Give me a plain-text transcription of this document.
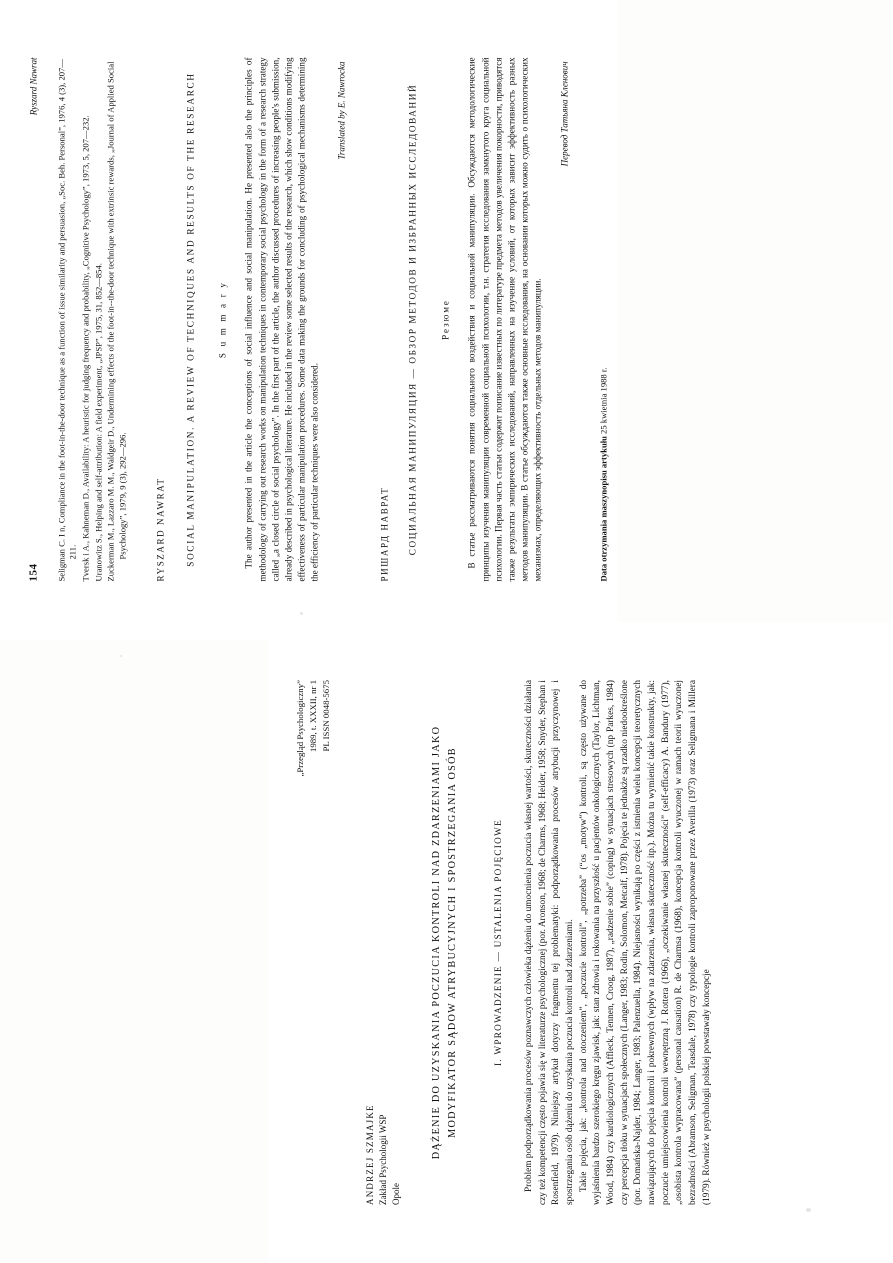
154
Ryszard Nawrat Seligman C. I n, Compliance in the foot-in-the-door technique as a function of issue similarity and persuasion, „Soc. Beh. Personal”, 1976, 4 (3), 207—211. Tversk i A., Kahneman D., Availability: A heuristic for judging frequency and probability, „Cognitive Psychology”, 1973, 5, 207—232. Uranowitz S., Helping and self-attribution: A field experiment, „JPSP”, 1975, 31, 852—854. Zuckerman M., Lazzaro M. M., Waldgeir D., Undermining effects of the foot-in--the-door technique with extrinsic rewards, „Journal of Applied Social Psychology”, 1979, 9 (3), 292—296.	RYSZARD NAWRAT SOCIAL MANIPULATION. A REVIEW OF TECHNIQUES AND RESULTS OF THE RESEARCH	S u m m a r y The author presented in the article the conceptions of social influence and social manipulation. He presented also the principles of methodology of carrying out research works on manipulation techniques in contemporary social psychology in the form of a research strategy called „a closed circle of social psychology”. In the first part of the article, the author discussed procedures of increasing people's submission, already described in psychological literature. He included in the review some selected results of the research, which show conditions modifying effectiveness of particular manipulation procedures. Some data making the grounds for concluding of psychological mechanisms determining the efficiency of particular techniques were also considered.
Translated by E. Nawrocka
РИШАРД НАВРАТ СОЦИАЛЬНАЯ МАНИПУЛЯЦИЯ — ОБЗОР МЕТОДОВ И ИЗБРАННЫХ ИССЛЕДОВАНИЙ	Резюме В статье рассматриваются понятия социального воздействия и социальной манипуляции. Обсуждаются методологические принципы изучения манипуляции современной социальной психологии, т.н. стратегия исследования замкнутого круга социальной психологии. Первая часть статьи содержит пописание известных по литературе предмета методов увеличения покорности, приводятся также результаты эмпирических исследований, направленных на изучение условий, от которых зависит эффективность разных методов манипуляции. В статье обсуждаются также основные исследования, на основании которых можно судить о психологических механизмах, определяющих эффективность отдельных методов манипуляции.
Перевод Татьяна Кленович
Data otrzymania maszynopisu artykułu 25 kwietnia 1988 r.
„Przegląd Psychologiczny” 1989, t. XXXII, nr 1 PL ISSN 0048-5675
ANDRZEJ SZMAJKE Zakład Psychologii WSP Opole
DĄŻENIE DO UZYSKANIA POCZUCIA KONTROLI NAD ZDARZENIAMI JAKO MODYFIKATOR SĄDOW ATRYBUCYJNYCH I SPOSTRZEGANIA OSÓB	I. WPROWADZENIE — USTALENIA POJĘCIOWE Problem podporządkowania procesów poznawczych człowieka dążeniu do umocnienia poczucia własnej wartości, skuteczności działania czy też kompetencji często pojawia się w literaturze psychologicznej (por. Aronson, 1968; de Charms, 1968; Heider, 1958; Snyder, Stephan i Rosenfield, 1979). Niniejszy artykuł dotyczy fragmentu tej problematyki: podporządkowania procesów atrybucji przyczynowej i spostrzegania osób dążeniu do uzyskania poczucia kontroli nad zdarzeniami. Takie pojęcia, jak: „kontrola nad otoczeniem”, „poczucie kontroli”, „potrzeba” (“os „motyw”) kontroli, są często używane do wyjaśnienia bardzo szerokiego kręgu zjawisk, jak: stan zdrowia i rokowania na przyszłość u pacjentów onkologicznych (Taylor, Lichtman, Wood, 1984) czy kardiologicznych (Affleck, Tennen, Croog, 1987), „radzenie sobie” (coping) w sytuacjach stresowych (np Parkes, 1984) czy percepcja tłoku w sytuacjach społecznych (Langer, 1983; Rodin, Solomon, Metcalf, 1978). Pojęcia te jednakże są rzadko niedookreślone (por. Domańska-Najder, 1984; Langer, 1983; Palenzuella, 1984). Niejasności wynikają po części z istnienia wielu koncepcji teoretycznych nawiązujących do pojęcia kontroli i pokrewnych (wpływ na zdarzenia, własna skuteczność itp.). Można tu wymienić takie konstrukty, jak: poczucie umiejscowienia kontroli wewnętrzną J. Rottera (1966), „oczekiwanie własnej skuteczności” (self-efficacy) A. Bandury (1977), „osobista kontrola wypracowana” (personal causation) R. de Charmsa (1968), koncepcja kontroli wyuczonej w ramach teorii wyuczonej bezradności (Abramson, Seligman, Teasdale, 1978) czy typologie kontroli zaproponowane przez Averilla (1973) oraz Seligmana i Millera (1979). Również w psychologii polskiej powstawały koncepcje
